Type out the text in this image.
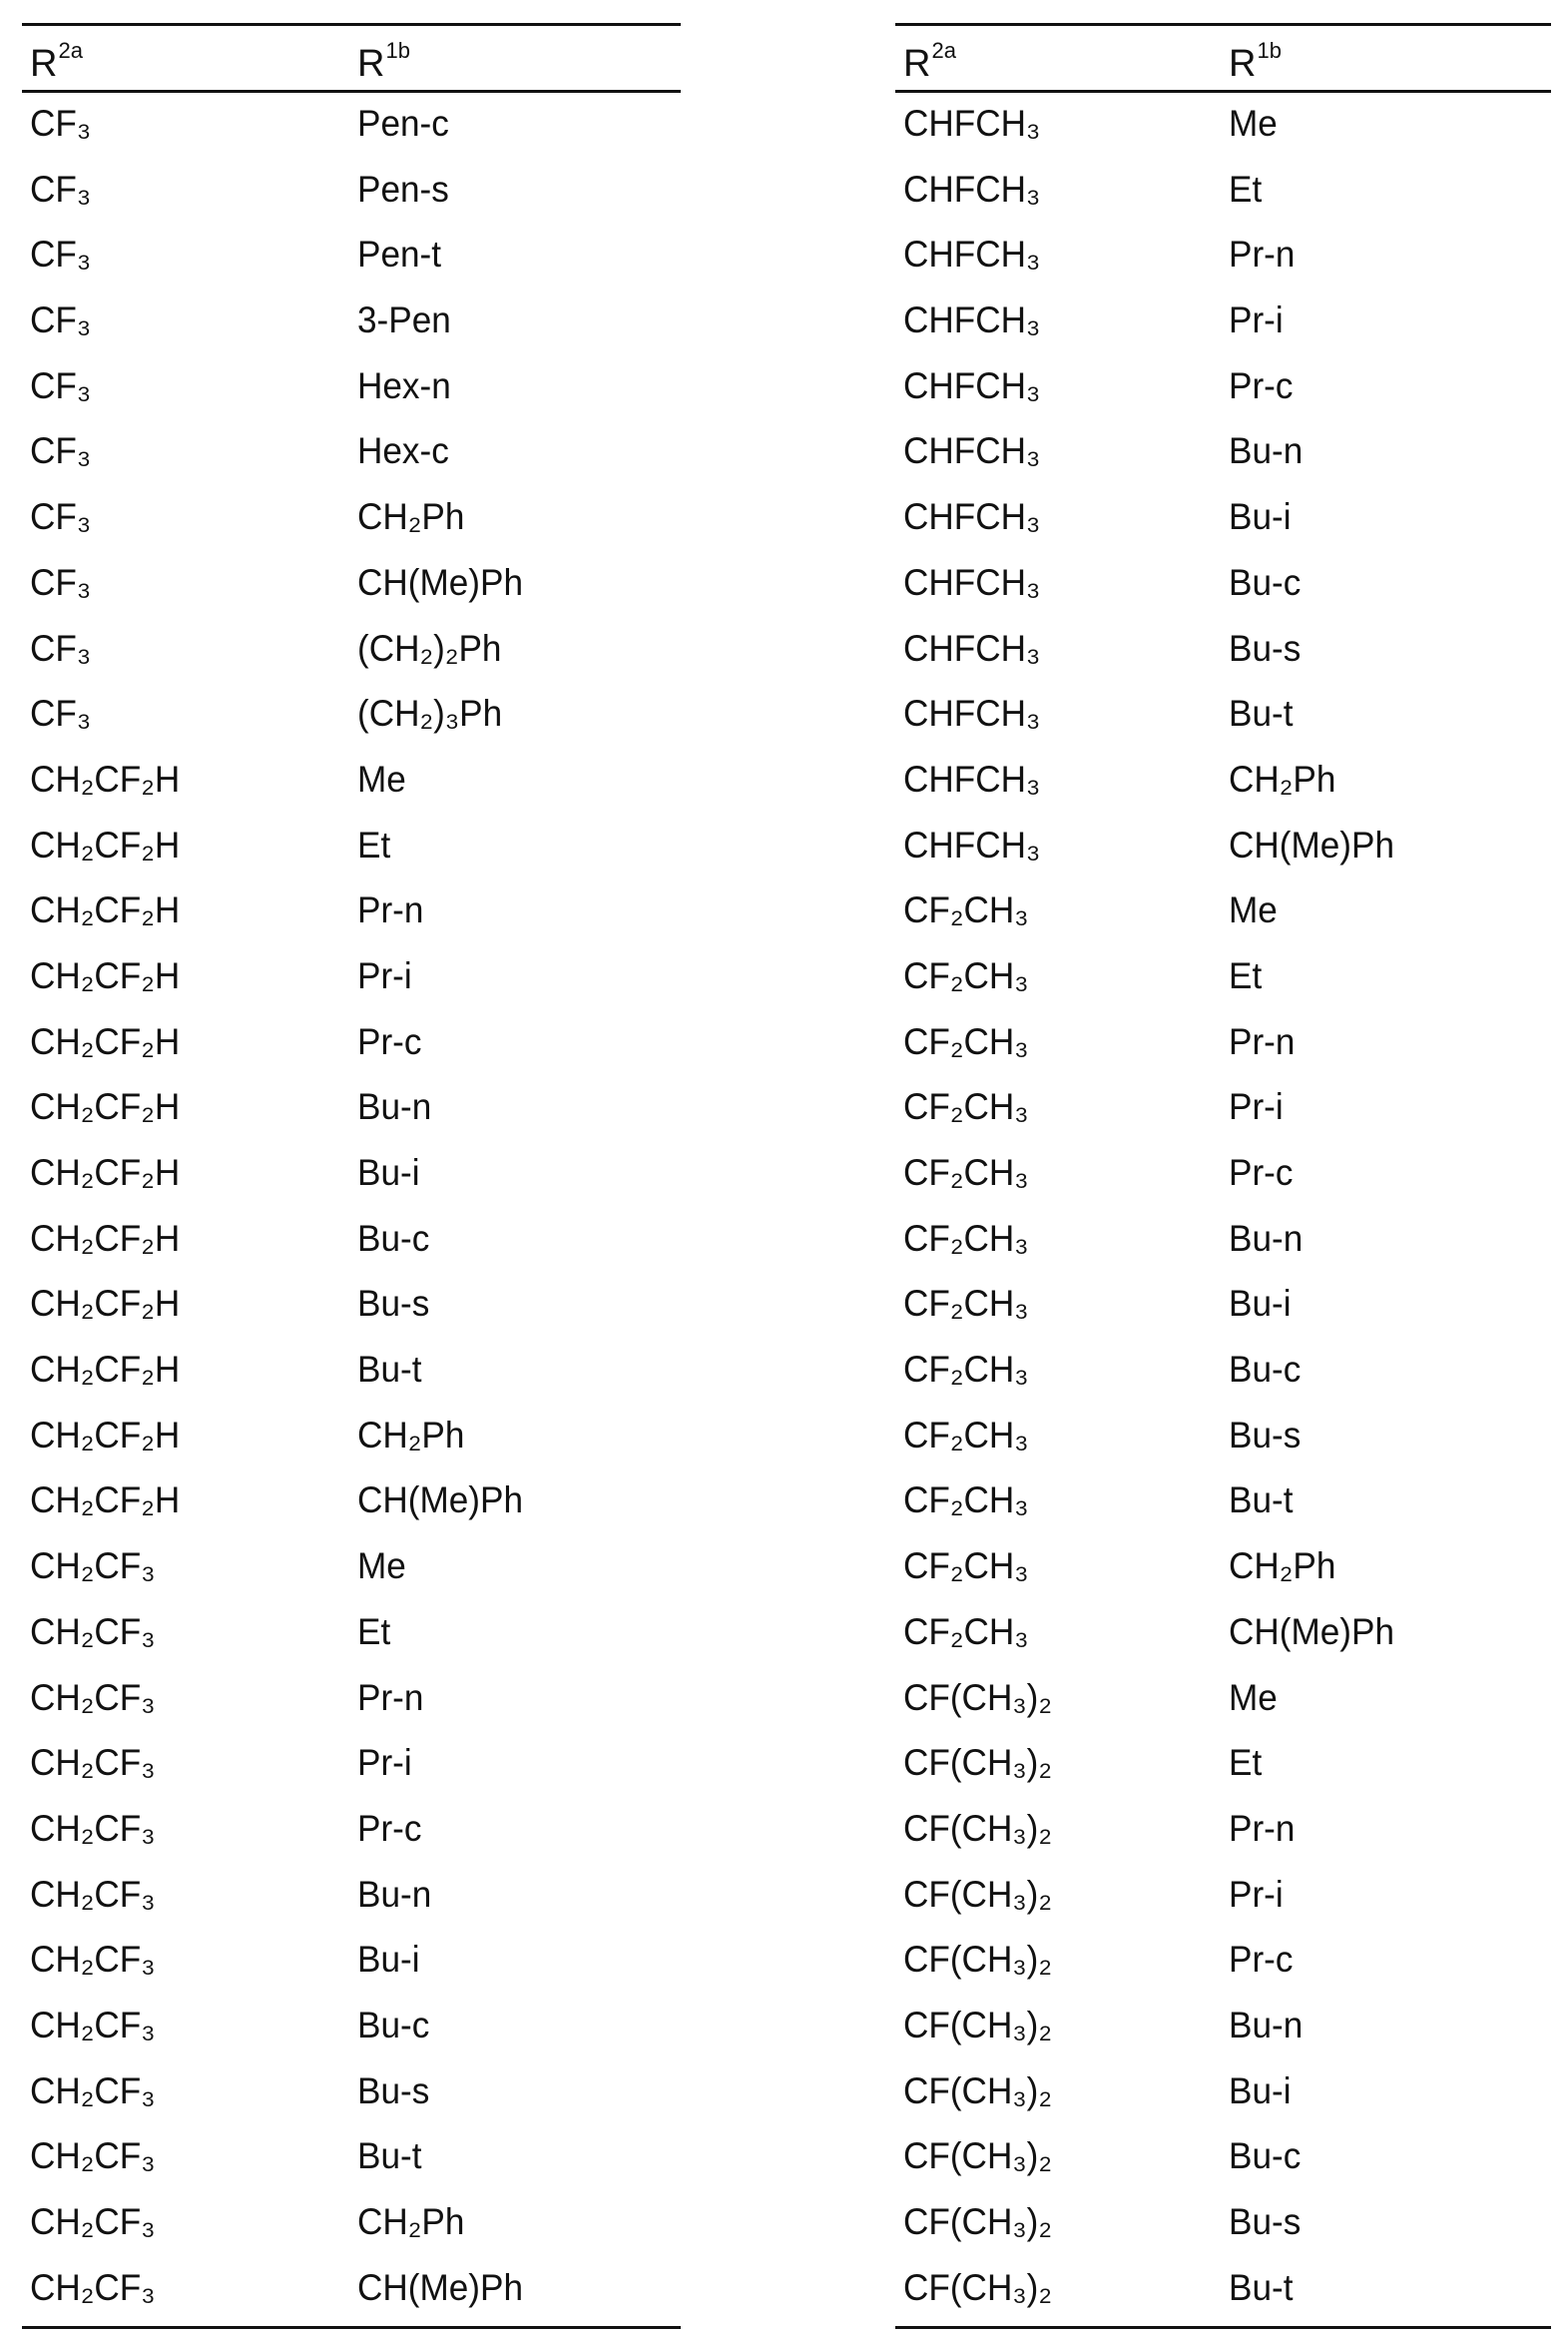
R2a	R1b
CF₃	Pen-c
CF₃	Pen-s
CF₃	Pen-t
CF₃	3-Pen
CF₃	Hex-n
CF₃	Hex-c
CF₃	CH₂Ph
CF₃	CH(Me)Ph
CF₃	(CH₂)₂Ph
CF₃	(CH₂)₃Ph
CH₂CF₂H	Me
CH₂CF₂H	Et
CH₂CF₂H	Pr-n
CH₂CF₂H	Pr-i
CH₂CF₂H	Pr-c
CH₂CF₂H	Bu-n
CH₂CF₂H	Bu-i
CH₂CF₂H	Bu-c
CH₂CF₂H	Bu-s
CH₂CF₂H	Bu-t
CH₂CF₂H	CH₂Ph
CH₂CF₂H	CH(Me)Ph
CH₂CF₃	Me
CH₂CF₃	Et
CH₂CF₃	Pr-n
CH₂CF₃	Pr-i
CH₂CF₃	Pr-c
CH₂CF₃	Bu-n
CH₂CF₃	Bu-i
CH₂CF₃	Bu-c
CH₂CF₃	Bu-s
CH₂CF₃	Bu-t
CH₂CF₃	CH₂Ph
CH₂CF₃	CH(Me)Ph
R2a	R1b
CHFCH₃	Me
CHFCH₃	Et
CHFCH₃	Pr-n
CHFCH₃	Pr-i
CHFCH₃	Pr-c
CHFCH₃	Bu-n
CHFCH₃	Bu-i
CHFCH₃	Bu-c
CHFCH₃	Bu-s
CHFCH₃	Bu-t
CHFCH₃	CH₂Ph
CHFCH₃	CH(Me)Ph
CF₂CH₃	Me
CF₂CH₃	Et
CF₂CH₃	Pr-n
CF₂CH₃	Pr-i
CF₂CH₃	Pr-c
CF₂CH₃	Bu-n
CF₂CH₃	Bu-i
CF₂CH₃	Bu-c
CF₂CH₃	Bu-s
CF₂CH₃	Bu-t
CF₂CH₃	CH₂Ph
CF₂CH₃	CH(Me)Ph
CF(CH₃)₂	Me
CF(CH₃)₂	Et
CF(CH₃)₂	Pr-n
CF(CH₃)₂	Pr-i
CF(CH₃)₂	Pr-c
CF(CH₃)₂	Bu-n
CF(CH₃)₂	Bu-i
CF(CH₃)₂	Bu-c
CF(CH₃)₂	Bu-s
CF(CH₃)₂	Bu-t
